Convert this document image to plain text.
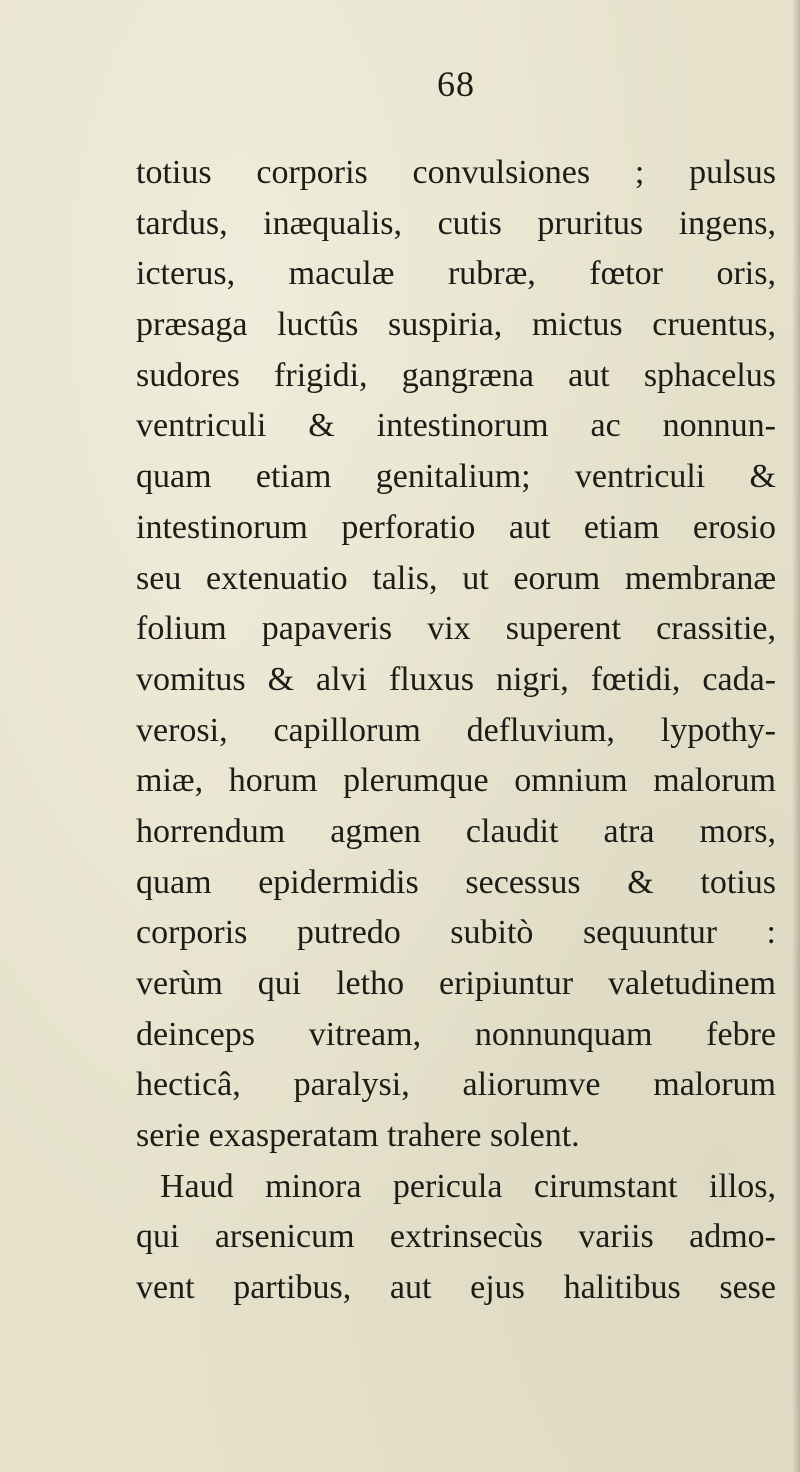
68
totius corporis convulsiones ; pulsus
tardus, inæqualis, cutis pruritus ingens,
icterus, maculæ rubræ, fœtor oris,
præsaga luctûs suspiria, mictus cruentus,
sudores frigidi, gangræna aut sphacelus
ventriculi & intestinorum ac nonnun-
quam etiam genitalium; ventriculi &
intestinorum perforatio aut etiam erosio
seu extenuatio talis, ut eorum membranæ
folium papaveris vix superent crassitie,
vomitus & alvi fluxus nigri, fœtidi, cada-
verosi, capillorum defluvium, lypothy-
miæ, horum plerumque omnium malorum
horrendum agmen claudit atra mors,
quam epidermidis secessus & totius
corporis putredo subitò sequuntur :
verùm qui letho eripiuntur valetudinem
deinceps vitream, nonnunquam febre
hecticâ, paralysi, aliorumve malorum
serie exasperatam trahere solent.
Haud minora pericula cirumstant illos,
qui arsenicum extrinsecùs variis admo-
vent partibus, aut ejus halitibus sese
